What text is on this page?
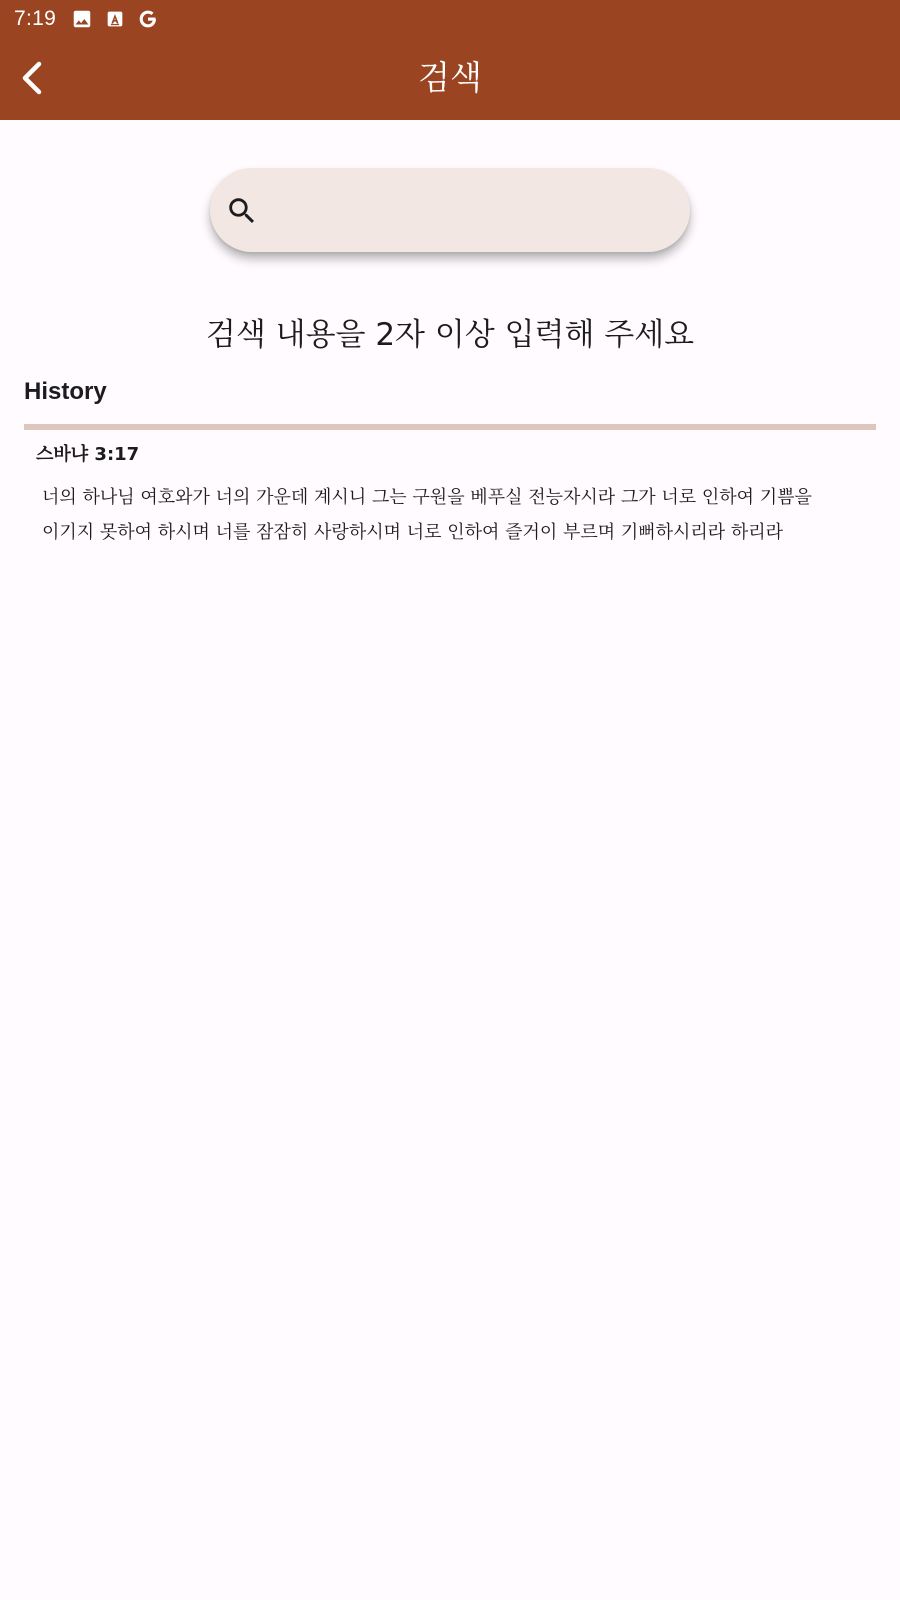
7:19
검색
검색 내용을 2자 이상 입력해 주세요
History
스바냐 3:17
너의 하나님 여호와가 너의 가운데 계시니 그는 구원을 베푸실 전능자시라 그가 너로 인하여 기쁨을 이기지 못하여 하시며 너를 잠잠히 사랑하시며 너로 인하여 즐거이 부르며 기뻐하시리라 하리라
